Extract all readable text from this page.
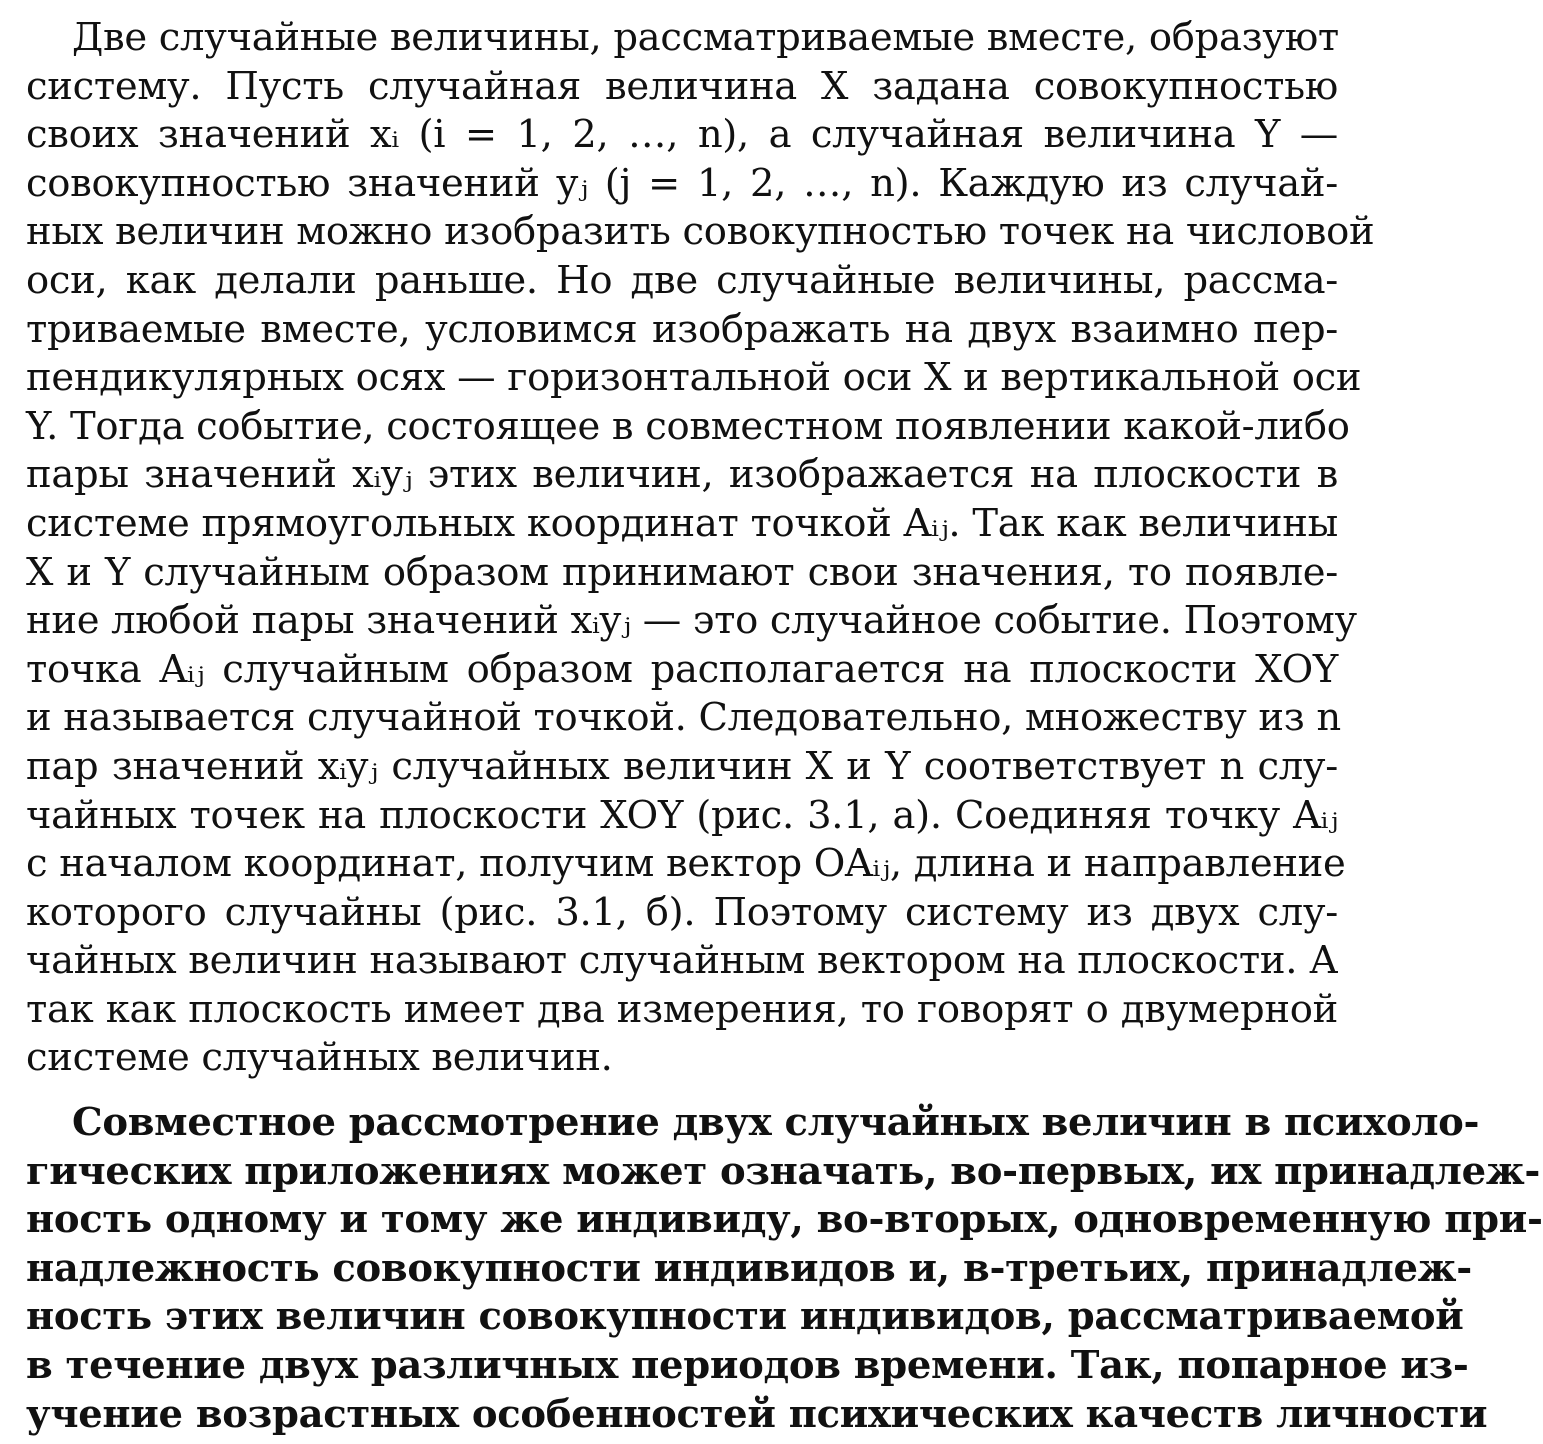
Две случайные величины, рассматриваемые вместе, образуют
систему. Пусть случайная величина X задана совокупностью
своих значений xᵢ (i = 1, 2, …, n), а случайная величина Y —
совокупностью значений yⱼ (j = 1, 2, …, n). Каждую из случай-
ных величин можно изобразить совокупностью точек на числовой
оси, как делали раньше. Но две случайные величины, рассма-
триваемые вместе, условимся изображать на двух взаимно пер-
пендикулярных осях — горизонтальной оси X и вертикальной оси
Y. Тогда событие, состоящее в совместном появлении какой-либо
пары значений xᵢyⱼ этих величин, изображается на плоскости в
системе прямоугольных координат точкой Aᵢⱼ. Так как величины
X и Y случайным образом принимают свои значения, то появле-
ние любой пары значений xᵢyⱼ — это случайное событие. Поэтому
точка Aᵢⱼ случайным образом располагается на плоскости XOY
и называется случайной точкой. Следовательно, множеству из n
пар значений xᵢyⱼ случайных величин X и Y соответствует n слу-
чайных точек на плоскости XOY (рис. 3.1, а). Соединяя точку Aᵢⱼ
с началом координат, получим вектор OAᵢⱼ, длина и направление
которого случайны (рис. 3.1, б). Поэтому систему из двух слу-
чайных величин называют случайным вектором на плоскости. А
так как плоскость имеет два измерения, то говорят о двумерной
системе случайных величин.

Совместное рассмотрение двух случайных величин в психоло-
гических приложениях может означать, во-первых, их принадлеж-
ность одному и тому же индивиду, во-вторых, одновременную при-
надлежность совокупности индивидов и, в-третьих, принадлеж-
ность этих величин совокупности индивидов, рассматриваемой
в течение двух различных периодов времени. Так, попарное из-
учение возрастных особенностей психических качеств личности
